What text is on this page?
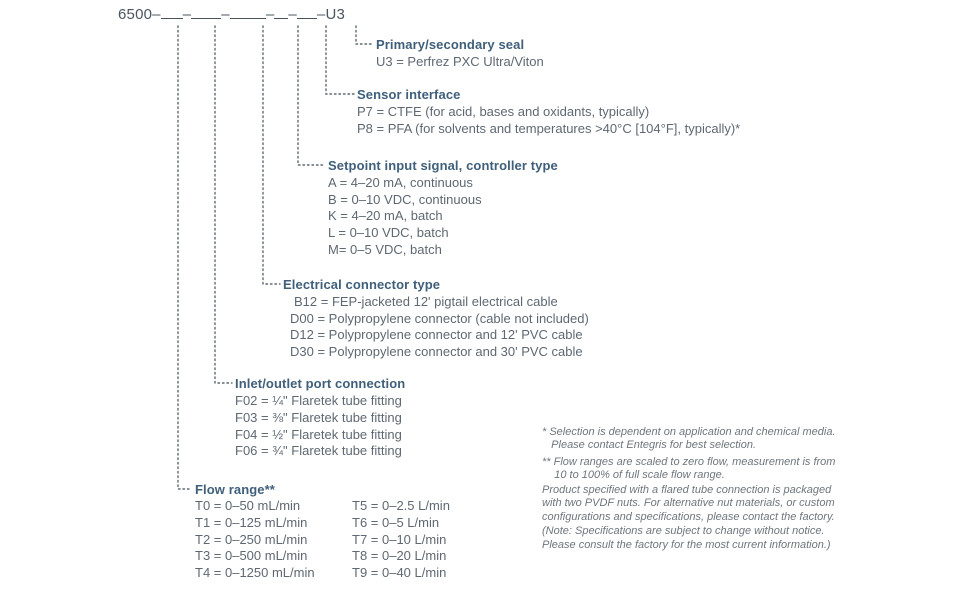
6500– – – – – –U3
Primary/secondary seal
U3 = Perfrez PXC Ultra/Viton
Sensor interface
P7 = CTFE (for acid, bases and oxidants, typically)
P8 = PFA (for solvents and temperatures >40°C [104°F], typically)*
Setpoint input signal, controller type
A = 4–20 mA, continuous
B = 0–10 VDC, continuous
K = 4–20 mA, batch
L = 0–10 VDC, batch
M= 0–5 VDC, batch
Electrical connector type
B12 = FEP-jacketed 12' pigtail electrical cable
D00 = Polypropylene connector (cable not included)
D12 = Polypropylene connector and 12' PVC cable
D30 = Polypropylene connector and 30' PVC cable
Inlet/outlet port connection
F02 = ¼" Flaretek tube fitting
F03 = ⅜" Flaretek tube fitting
F04 = ½" Flaretek tube fitting
F06 = ¾" Flaretek tube fitting
Flow range**
T0 = 0–50 mL/min
T1 = 0–125 mL/min
T2 = 0–250 mL/min
T3 = 0–500 mL/min
T4 = 0–1250 mL/min
T5 = 0–2.5 L/min
T6 = 0–5 L/min
T7 = 0–10 L/min
T8 = 0–20 L/min
T9 = 0–40 L/min
* Selection is dependent on application and chemical media.
Please contact Entegris for best selection.
** Flow ranges are scaled to zero flow, measurement is from
10 to 100% of full scale flow range.
Product specified with a flared tube connection is packaged
with two PVDF nuts. For alternative nut materials, or custom
configurations and specifications, please contact the factory.
(Note: Specifications are subject to change without notice.
Please consult the factory for the most current information.)
